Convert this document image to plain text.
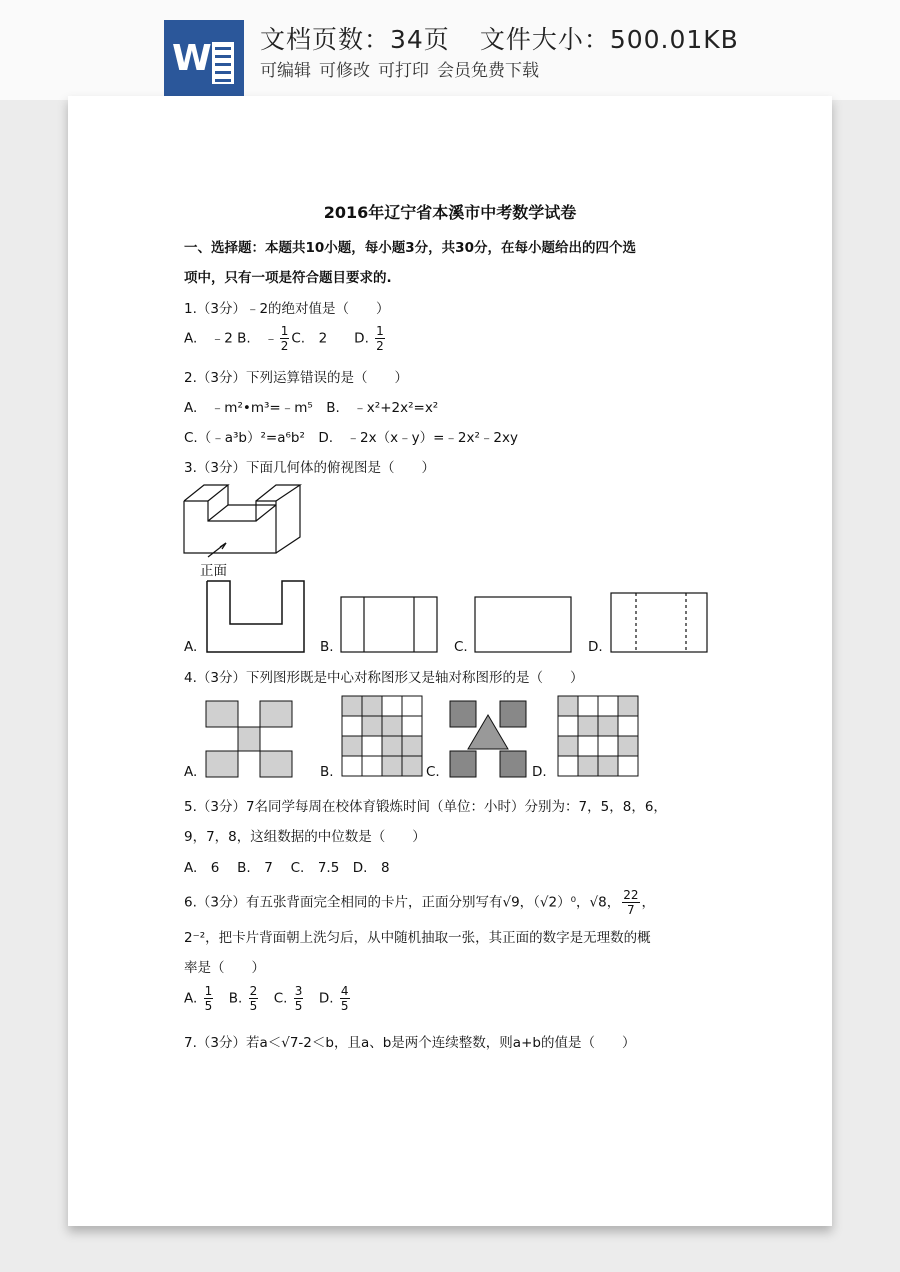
W 文档页数：34页 文件大小：500.01KB
可编辑 可修改 可打印 会员免费下载
2016年辽宁省本溪市中考数学试卷
一、选择题：本题共10小题，每小题3分，共30分，在每小题给出的四个选
项中，只有一项是符合题目要求的.
1.（3分）﹣2的绝对值是（　　）
A.　﹣2 B.　﹣ $\frac{1}{2} C$.　2　　D. $\frac{1}{2}$
2.（3分）下列运算错误的是（　　）
A.　﹣m²•m³=﹣m⁵　B.　﹣x²+2x²=x²
C.（﹣a³b）²=a⁶b²　D.　﹣2x（x﹣y）=﹣2x²﹣2xy
3.（3分）下面几何体的俯视图是（　　）
正面
A.	B.	C.	D.
4.（3分）下列图形既是中心对称图形又是轴对称图形的是（　　）
A.	B.	C.	D.
5.（3分）7名同学每周在校体育锻炼时间（单位：小时）分别为：7，5，8，6，
9，7，8，这组数据的中位数是（　　）
A.　6　 B.　7　 C.　7.5　D.　8
6.（3分）有五张背面完全相同的卡片，正面分别写有√9，（√2）⁰，√8， $\frac{22}{7}$ ，
2⁻²，把卡片背面朝上洗匀后，从中随机抽取一张，其正面的数字是无理数的概
率是（　　）
A. $\frac{1}{5}$
　 B. $\frac{2}{5}$
　 C. $\frac{3}{5}$
　 D. $\frac{4}{5}$
7.（3分）若a＜√7-2＜b，且a、b是两个连续整数，则a+b的值是（　　）
